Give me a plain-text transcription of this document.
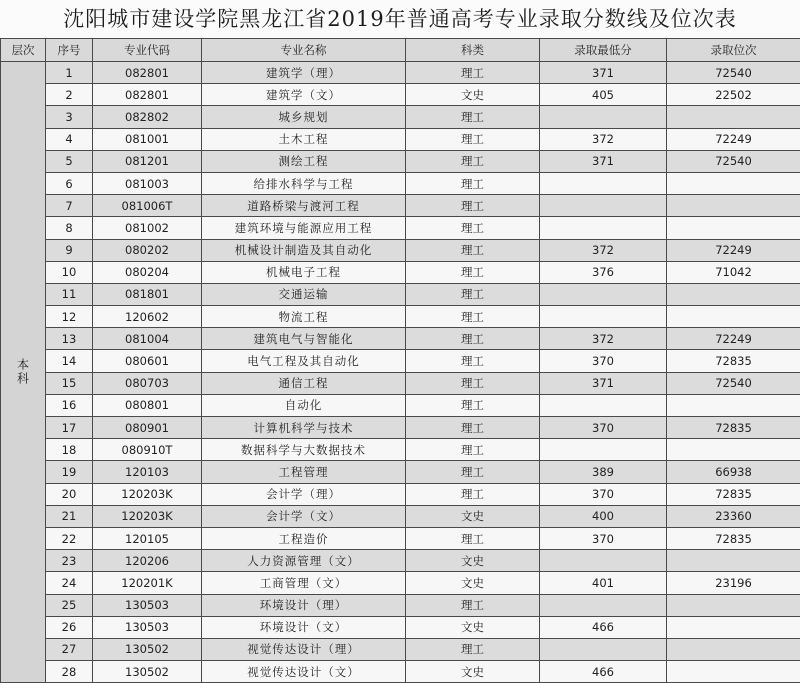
沈阳城市建设学院黑龙江省2019年普通高考专业录取分数线及位次表
层次	序号	专业代码	专业名称	科类	录取最低分	录取位次
本科	1	082801	建筑学（理）	理工	371	72540
	2	082801	建筑学（文）	文史	405	22502
	3	082802	城乡规划	理工		
	4	081001	土木工程	理工	372	72249
	5	081201	测绘工程	理工	371	72540
	6	081003	给排水科学与工程	理工		
	7	081006T	道路桥梁与渡河工程	理工		
	8	081002	建筑环境与能源应用工程	理工		
	9	080202	机械设计制造及其自动化	理工	372	72249
	10	080204	机械电子工程	理工	376	71042
	11	081801	交通运输	理工		
	12	120602	物流工程	理工		
	13	081004	建筑电气与智能化	理工	372	72249
	14	080601	电气工程及其自动化	理工	370	72835
	15	080703	通信工程	理工	371	72540
	16	080801	自动化	理工		
	17	080901	计算机科学与技术	理工	370	72835
	18	080910T	数据科学与大数据技术	理工		
	19	120103	工程管理	理工	389	66938
	20	120203K	会计学（理）	理工	370	72835
	21	120203K	会计学（文）	文史	400	23360
	22	120105	工程造价	理工	370	72835
	23	120206	人力资源管理（文）	文史		
	24	120201K	工商管理（文）	文史	401	23196
	25	130503	环境设计（理）	理工		
	26	130503	环境设计（文）	文史	466	
	27	130502	视觉传达设计（理）	理工		
	28	130502	视觉传达设计（文）	文史	466	
